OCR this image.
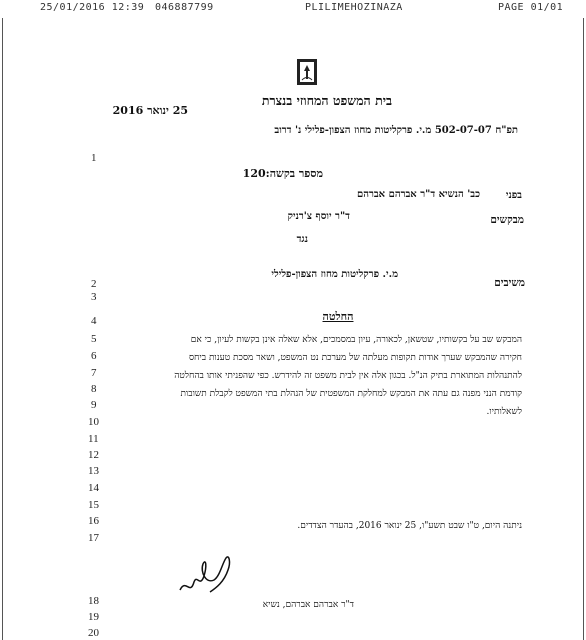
25/01/2016 12:39 046887799	PLILIMEHOZINAZA	PAGE 01/01
בית המשפט המחוזי בנצרת
25 ינואר 2016
תפ"ח 502-07-07 מ.י. פרקליטות מחוז הצפון-פלילי נ' דרוב
מספר בקשה:120
בפני
כב' הנשיא ד"ר אברהם אברהם
מבקשים
ד"ר יוסף צ'רניק
נגד
משיבים
מ.י. פרקליטות מחוז הצפון-פלילי
החלטה
המבקש שב על בקשותיו, שטשאן, לכאורה, עיון במסמכים, אלא שאלה אינן בקשות לעיון, כי אם
חקירה שהמבקש שערך אודות תקופות מעלתה של מערכת נט המשפט, ושאר מסכת טענות ביחס
להתנהלות המתוארת בתיק הנ"ל. בכגון אלה אין לבית משפט זה להידרש. כפי שהפניתי אותו בהחלטה
קודמת הנני מפנה גם עתה את המבקש למחלקת המשפטית של הנהלת בתי המשפט לקבלת תשובות
לשאלותיו.
ניתנה היום, ט"ו שבט תשע"ו, 25 ינואר 2016, בהעדר הצדדים.
ד"ר אברהם אברהם, נשיא
1
2
3
4
5
6
7
8
9
10
11
12
13
14
15
16
17
18
19
20
